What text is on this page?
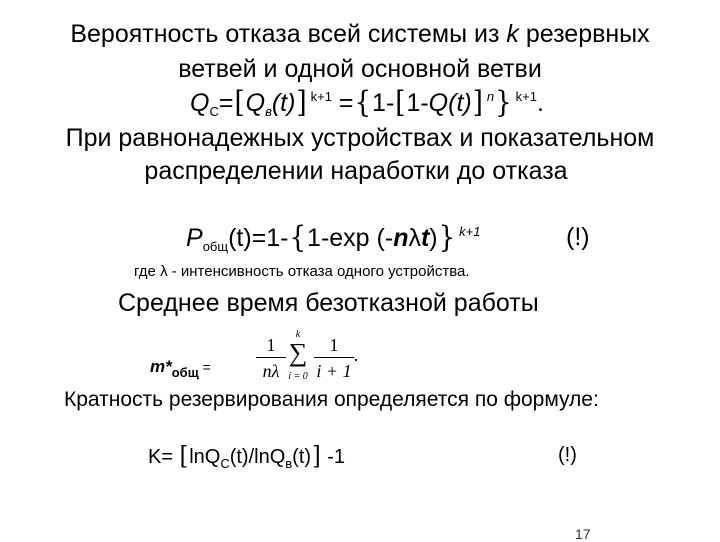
Вероятность отказа всей системы из k резервных
ветвей и одной основной ветви
$Q_С=[Q_в(t)]$ $^{k+1}$ ={1-[1-Q(t)] $^n$} $^{k+1}$.
При равнонадежных устройствах и показательном
распределении наработки до отказа
$P_{общ}(t)=1-\{1-\exp$ (-nλt)} $^{k+1}$	(!)
где λ - интенсивность отказа одного устройства.
Среднее время безотказной работы
$m*_{общ}$ =
1
nλ
k
∑
i = 0
1
i + 1
.
Кратность резервирования определяется по формуле:
K= [lnQ$_С$(t)/lnQ$_в$(t)] -1	(!)
17
